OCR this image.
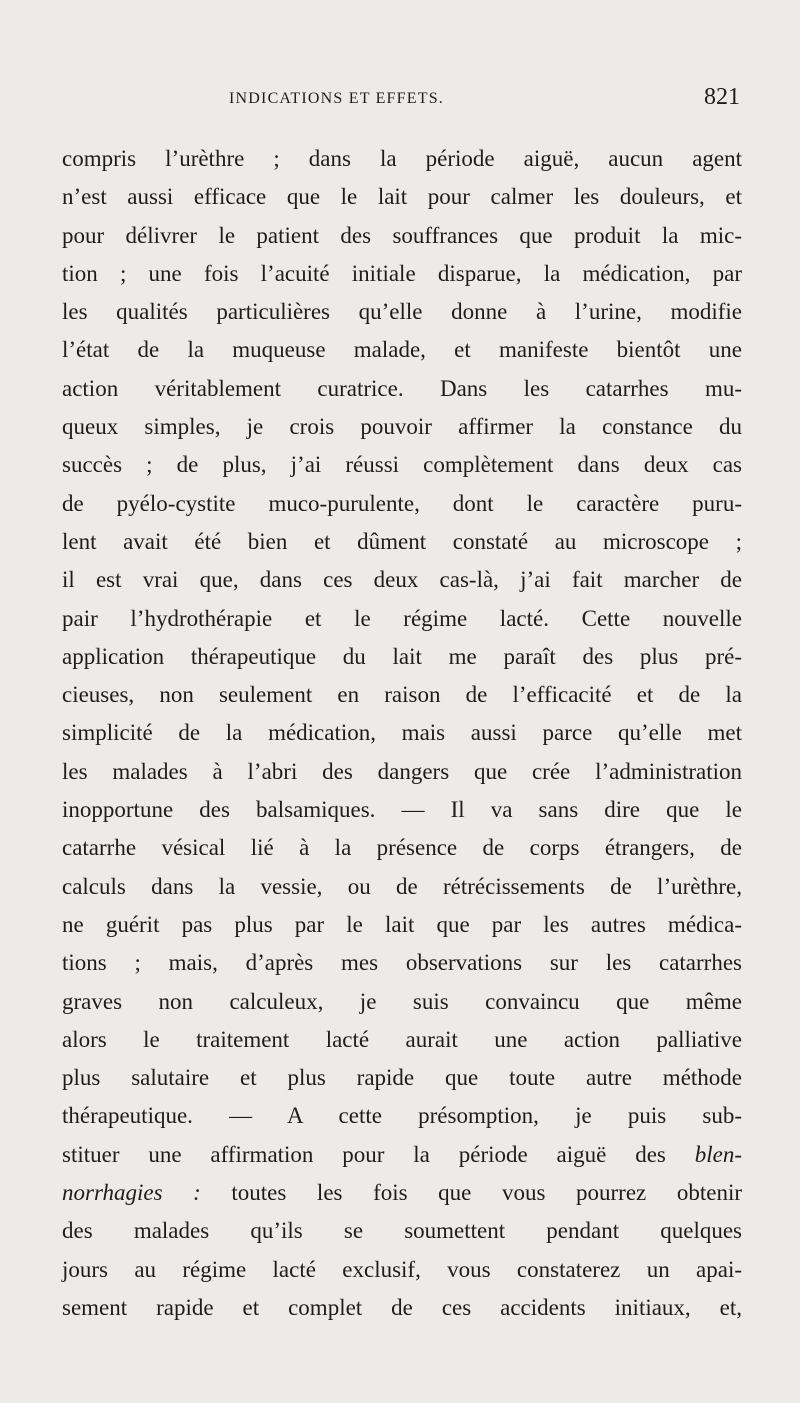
INDICATIONS ET EFFETS.	821
compris l’urèthre ; dans la période aiguë, aucun agent
n’est aussi efficace que le lait pour calmer les douleurs, et
pour délivrer le patient des souffrances que produit la mic-
tion ; une fois l’acuité initiale disparue, la médication, par
les qualités particulières qu’elle donne à l’urine, modifie
l’état de la muqueuse malade, et manifeste bientôt une
action véritablement curatrice. Dans les catarrhes mu-
queux simples, je crois pouvoir affirmer la constance du
succès ; de plus, j’ai réussi complètement dans deux cas
de pyélo-cystite muco-purulente, dont le caractère puru-
lent avait été bien et dûment constaté au microscope ;
il est vrai que, dans ces deux cas-là, j’ai fait marcher de
pair l’hydrothérapie et le régime lacté. Cette nouvelle
application thérapeutique du lait me paraît des plus pré-
cieuses, non seulement en raison de l’efficacité et de la
simplicité de la médication, mais aussi parce qu’elle met
les malades à l’abri des dangers que crée l’administration
inopportune des balsamiques. — Il va sans dire que le
catarrhe vésical lié à la présence de corps étrangers, de
calculs dans la vessie, ou de rétrécissements de l’urèthre,
ne guérit pas plus par le lait que par les autres médica-
tions ; mais, d’après mes observations sur les catarrhes
graves non calculeux, je suis convaincu que même
alors le traitement lacté aurait une action palliative
plus salutaire et plus rapide que toute autre méthode
thérapeutique. — A cette présomption, je puis sub-
stituer une affirmation pour la période aiguë des blen-
norrhagies : toutes les fois que vous pourrez obtenir
des malades qu’ils se soumettent pendant quelques
jours au régime lacté exclusif, vous constaterez un apai-
sement rapide et complet de ces accidents initiaux, et,
